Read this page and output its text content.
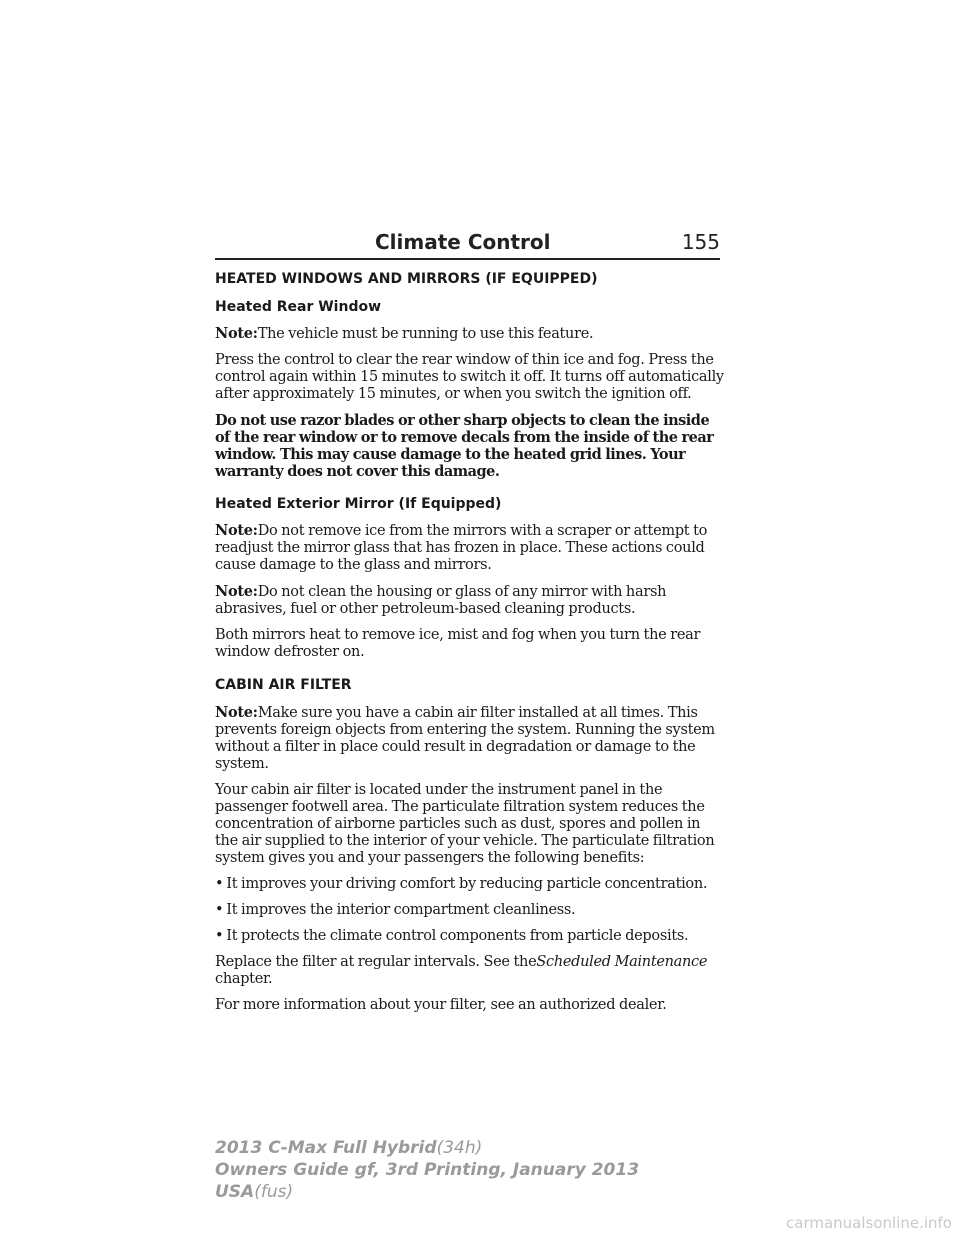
Climate Control	155
HEATED WINDOWS AND MIRRORS (IF EQUIPPED)
Heated Rear Window

Note:The vehicle must be running to use this feature.

Press the control to clear the rear window of thin ice and fog. Press the control again within 15 minutes to switch it off. It turns off automatically after approximately 15 minutes, or when you switch the ignition off.

Do not use razor blades or other sharp objects to clean the inside of the rear window or to remove decals from the inside of the rear window. This may cause damage to the heated grid lines. Your warranty does not cover this damage.

Heated Exterior Mirror (If Equipped)

Note:Do not remove ice from the mirrors with a scraper or attempt to readjust the mirror glass that has frozen in place. These actions could cause damage to the glass and mirrors.

Note:Do not clean the housing or glass of any mirror with harsh abrasives, fuel or other petroleum-based cleaning products.

Both mirrors heat to remove ice, mist and fog when you turn the rear window defroster on.

CABIN AIR FILTER

Note:Make sure you have a cabin air filter installed at all times. This prevents foreign objects from entering the system. Running the system without a filter in place could result in degradation or damage to the system.

Your cabin air filter is located under the instrument panel in the passenger footwell area. The particulate filtration system reduces the concentration of airborne particles such as dust, spores and pollen in the air supplied to the interior of your vehicle. The particulate filtration system gives you and your passengers the following benefits:

• It improves your driving comfort by reducing particle concentration.
• It improves the interior compartment cleanliness.
• It protects the climate control components from particle deposits.

Replace the filter at regular intervals. See theScheduled Maintenance
chapter.

For more information about your filter, see an authorized dealer.

2013 C-Max Full Hybrid(34h)
Owners Guide gf, 3rd Printing, January 2013
USA(fus)
carmanualsonline.info
